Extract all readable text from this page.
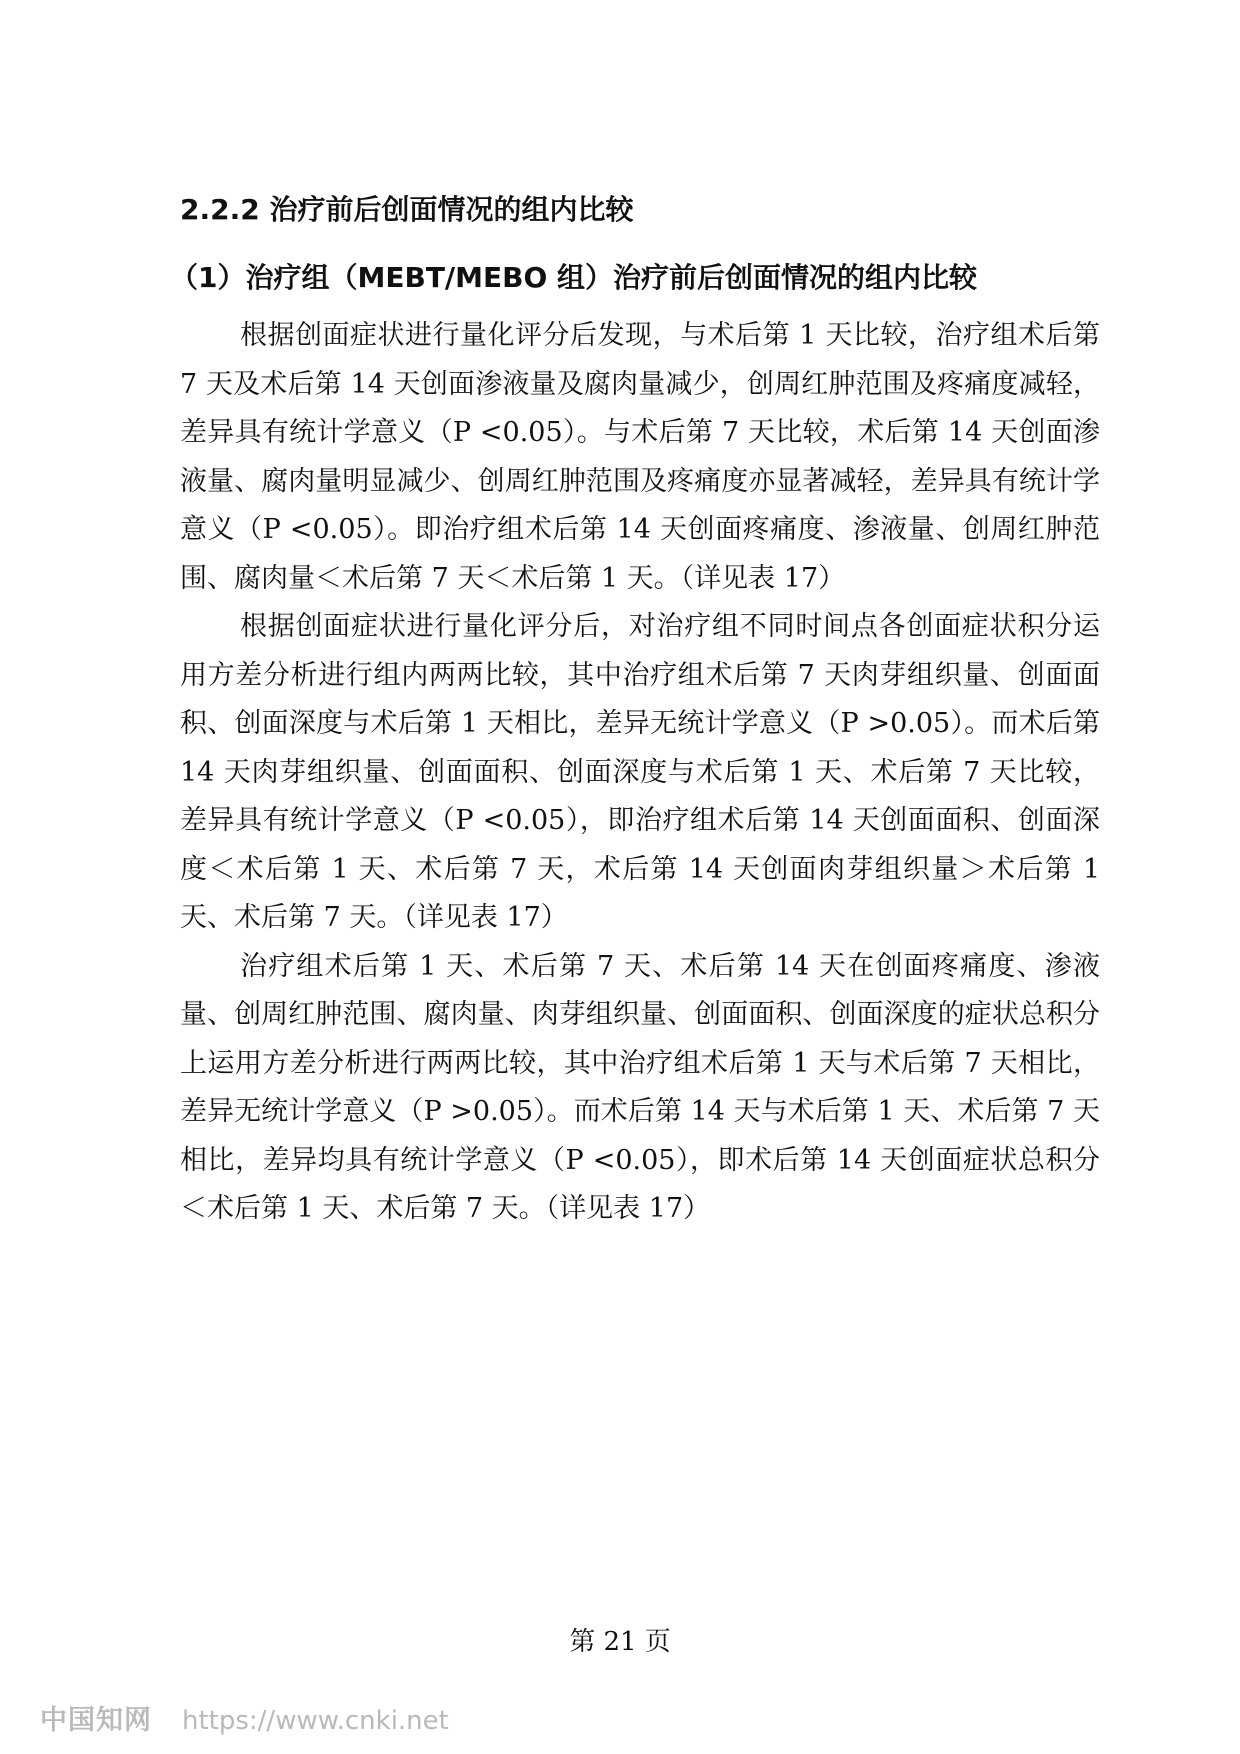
2.2.2 治疗前后创面情况的组内比较
（1）治疗组（MEBT/MEBO 组）治疗前后创面情况的组内比较

根据创面症状进行量化评分后发现，与术后第 1 天比较，治疗组术后第 7 天及术后第 14 天创面渗液量及腐肉量减少，创周红肿范围及疼痛度减轻，差异具有统计学意义（P <0.05）。与术后第 7 天比较，术后第 14 天创面渗液量、腐肉量明显减少、创周红肿范围及疼痛度亦显著减轻，差异具有统计学意义（P <0.05）。即治疗组术后第 14 天创面疼痛度、渗液量、创周红肿范围、腐肉量＜术后第 7 天＜术后第 1 天。（详见表 17）

根据创面症状进行量化评分后，对治疗组不同时间点各创面症状积分运用方差分析进行组内两两比较，其中治疗组术后第 7 天肉芽组织量、创面面积、创面深度与术后第 1 天相比，差异无统计学意义（P >0.05）。而术后第 14 天肉芽组织量、创面面积、创面深度与术后第 1 天、术后第 7 天比较，差异具有统计学意义（P <0.05），即治疗组术后第 14 天创面面积、创面深度＜术后第 1 天、术后第 7 天，术后第 14 天创面肉芽组织量＞术后第 1 天、术后第 7 天。（详见表 17）

治疗组术后第 1 天、术后第 7 天、术后第 14 天在创面疼痛度、渗液量、创周红肿范围、腐肉量、肉芽组织量、创面面积、创面深度的症状总积分上运用方差分析进行两两比较，其中治疗组术后第 1 天与术后第 7 天相比，差异无统计学意义（P >0.05）。而术后第 14 天与术后第 1 天、术后第 7 天相比，差异均具有统计学意义（P <0.05），即术后第 14 天创面症状总积分＜术后第 1 天、术后第 7 天。（详见表 17）

第 21 页
中国知网 https://www.cnki.net
